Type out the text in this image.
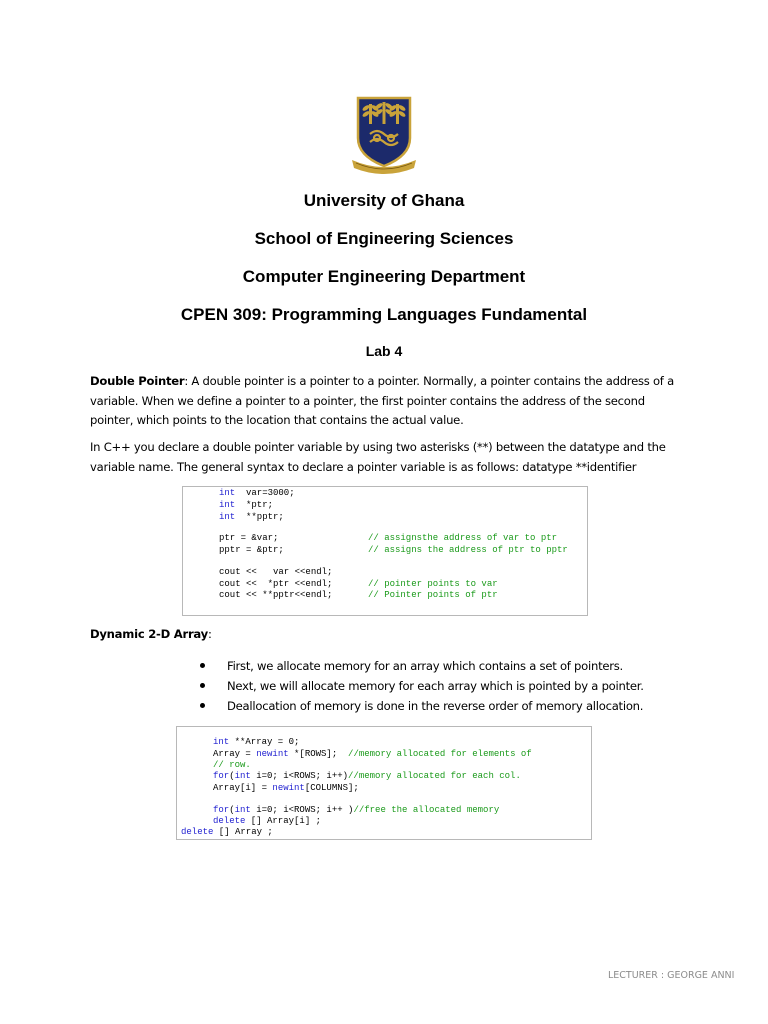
University of Ghana
School of Engineering Sciences
Computer Engineering Department
CPEN 309: Programming Languages Fundamental
Lab 4
Double Pointer: A double pointer is a pointer to a pointer. Normally, a pointer contains the address of a variable. When we define a pointer to a pointer, the first pointer contains the address of the second pointer, which points to the location that contains the actual value.
In C++ you declare a double pointer variable by using two asterisks (**) between the datatype and the variable name. The general syntax to declare a pointer variable is as follows: datatype **identifier
int  var=3000;
int  *ptr;
int  **pptr;
ptr = &var;	// assignsthe address of var to ptr
pptr = &ptr;	// assigns the address of ptr to pptr
cout <<   var <<endl;
cout <<  *ptr <<endl;	// pointer points to var
cout << **pptr<<endl;	// Pointer points of ptr
Dynamic 2-D Array:
First, we allocate memory for an array which contains a set of pointers.
Next, we will allocate memory for each array which is pointed by a pointer.
Deallocation of memory is done in the reverse order of memory allocation.
int **Array = 0;
Array = newint *[ROWS];  //memory allocated for elements of
// row.
for(int i=0; i<ROWS; i++)//memory allocated for each col.
Array[i] = newint[COLUMNS];
for(int i=0; i<ROWS; i++ )//free the allocated memory
delete [] Array[i] ;
delete [] Array ;
LECTURER : GEORGE ANNI
